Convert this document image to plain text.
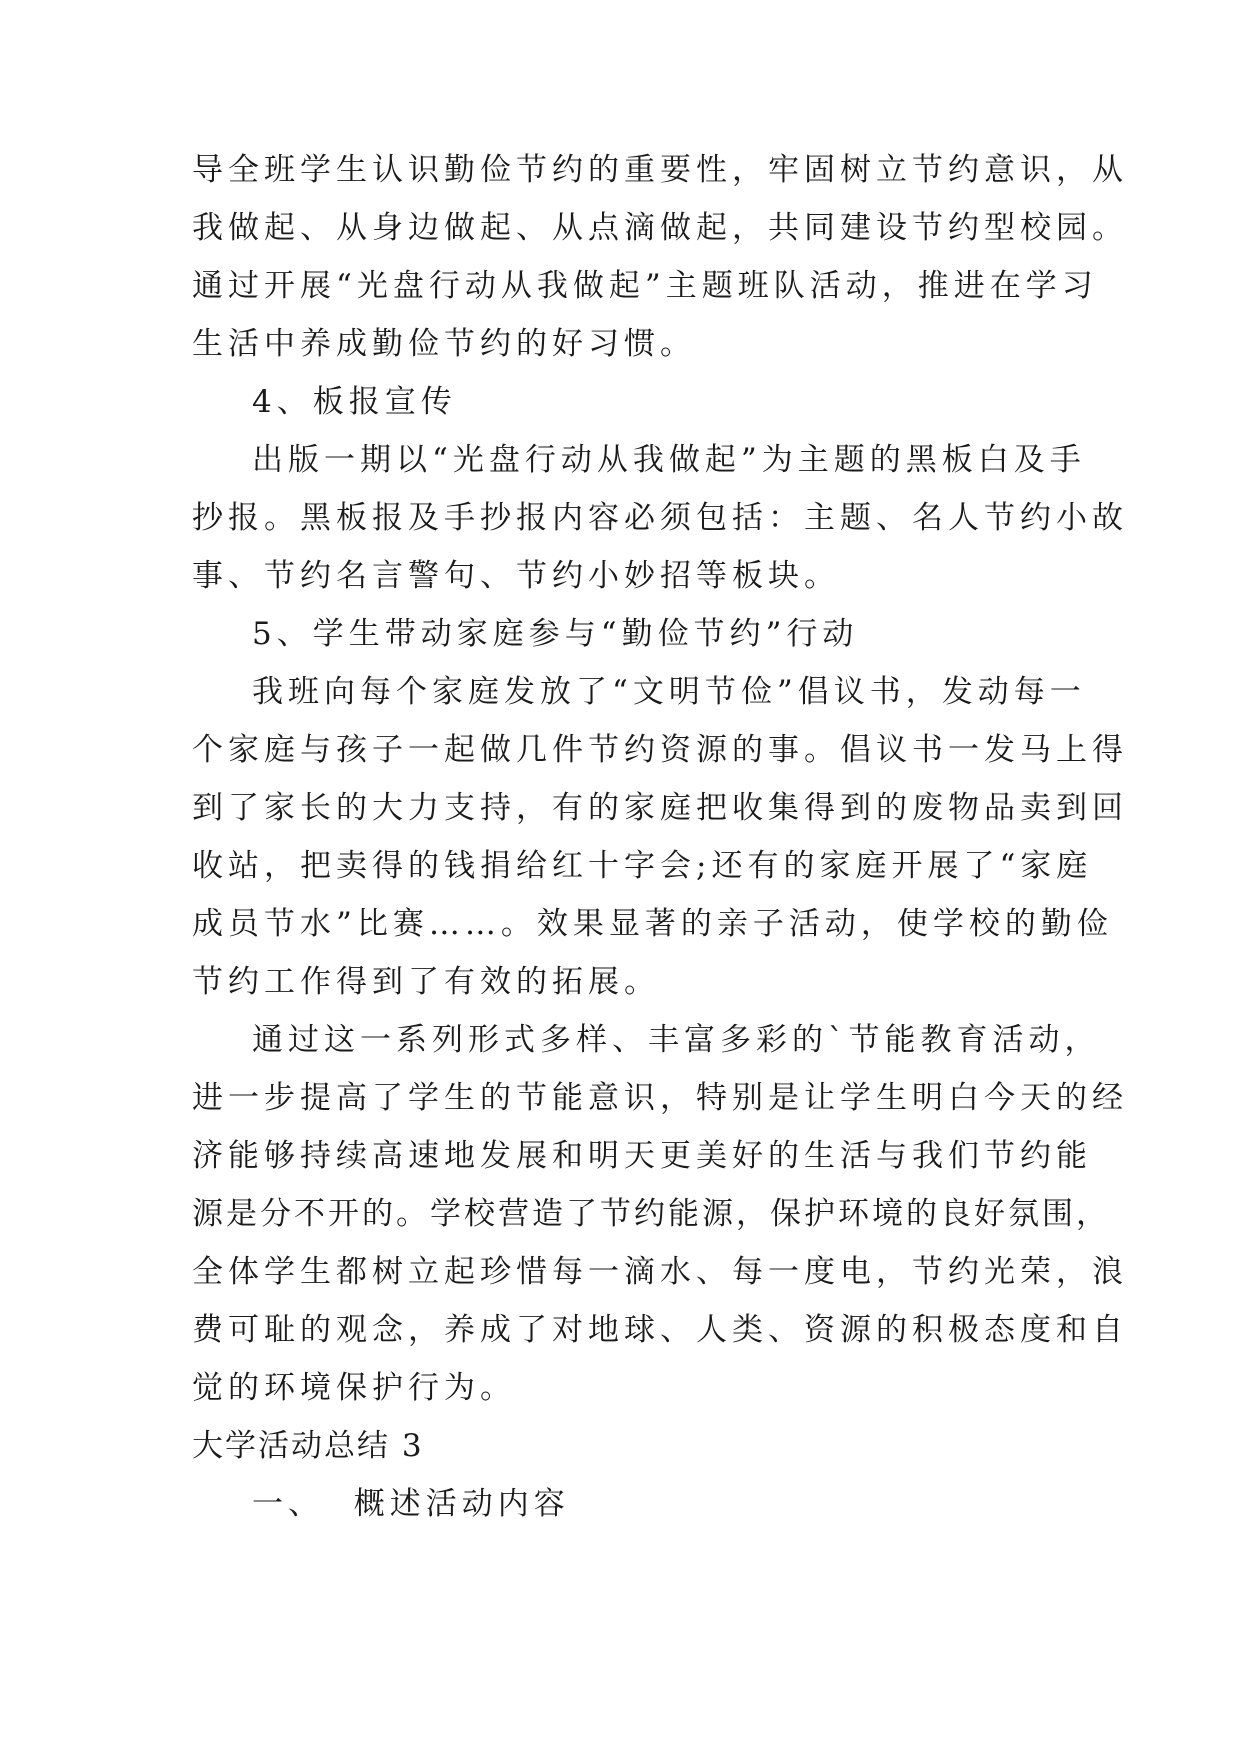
导全班学生认识勤俭节约的重要性，牢固树立节约意识，从
我做起、从身边做起、从点滴做起，共同建设节约型校园。
通过开展“光盘行动从我做起”主题班队活动，推进在学习
生活中养成勤俭节约的好习惯。
4、板报宣传
出版一期以“光盘行动从我做起”为主题的黑板白及手
抄报。黑板报及手抄报内容必须包括：主题、名人节约小故
事、节约名言警句、节约小妙招等板块。
5、学生带动家庭参与“勤俭节约”行动
我班向每个家庭发放了“文明节俭”倡议书，发动每一
个家庭与孩子一起做几件节约资源的事。倡议书一发马上得
到了家长的大力支持，有的家庭把收集得到的废物品卖到回
收站，把卖得的钱捐给红十字会;还有的家庭开展了“家庭
成员节水”比赛……。效果显著的亲子活动，使学校的勤俭
节约工作得到了有效的拓展。
通过这一系列形式多样、丰富多彩的`节能教育活动，
进一步提高了学生的节能意识，特别是让学生明白今天的经
济能够持续高速地发展和明天更美好的生活与我们节约能
源是分不开的。学校营造了节约能源，保护环境的良好氛围，
全体学生都树立起珍惜每一滴水、每一度电，节约光荣，浪
费可耻的观念，养成了对地球、人类、资源的积极态度和自
觉的环境保护行为。
大学活动总结 3
一、  概述活动内容
